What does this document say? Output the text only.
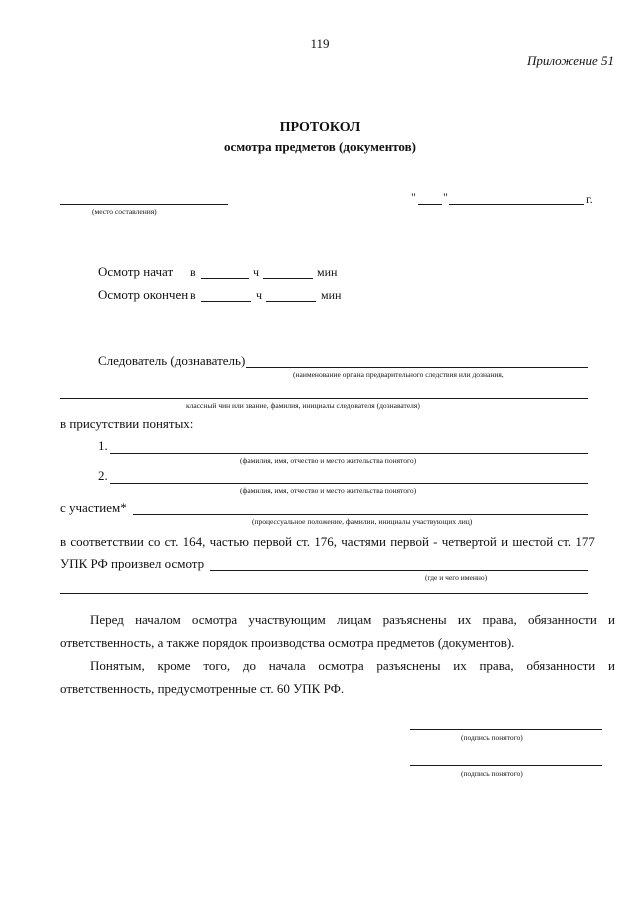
119
Приложение 51
ПРОТОКОЛ
осмотра предметов (документов)
(место составления)
" "	г.
Осмотр начат в	ч	мин
Осмотр окончен в	ч	мин
Следователь (дознаватель)
(наименование органа предварительного следствия или дознания,
классный чин или звание, фамилия, инициалы следователя (дознавателя)
в присутствии понятых:
1.
(фамилия, имя, отчество и место жительства понятого)
2.
(фамилия, имя, отчество и место жительства понятого)
с участием*
(процессуальное положение, фамилии, инициалы участвующих лиц)
в соответствии со ст. 164, частью первой ст. 176, частями первой - четвертой и шестой ст. 177
УПК РФ произвел осмотр
(где и чего именно)
Перед началом осмотра участвующим лицам разъяснены их права, обязанности и ответственность, а также порядок производства осмотра предметов (документов).
Понятым, кроме того, до начала осмотра разъяснены их права, обязанности и ответственность, предусмотренные ст. 60 УПК РФ.
(подпись понятого)
(подпись понятого)
